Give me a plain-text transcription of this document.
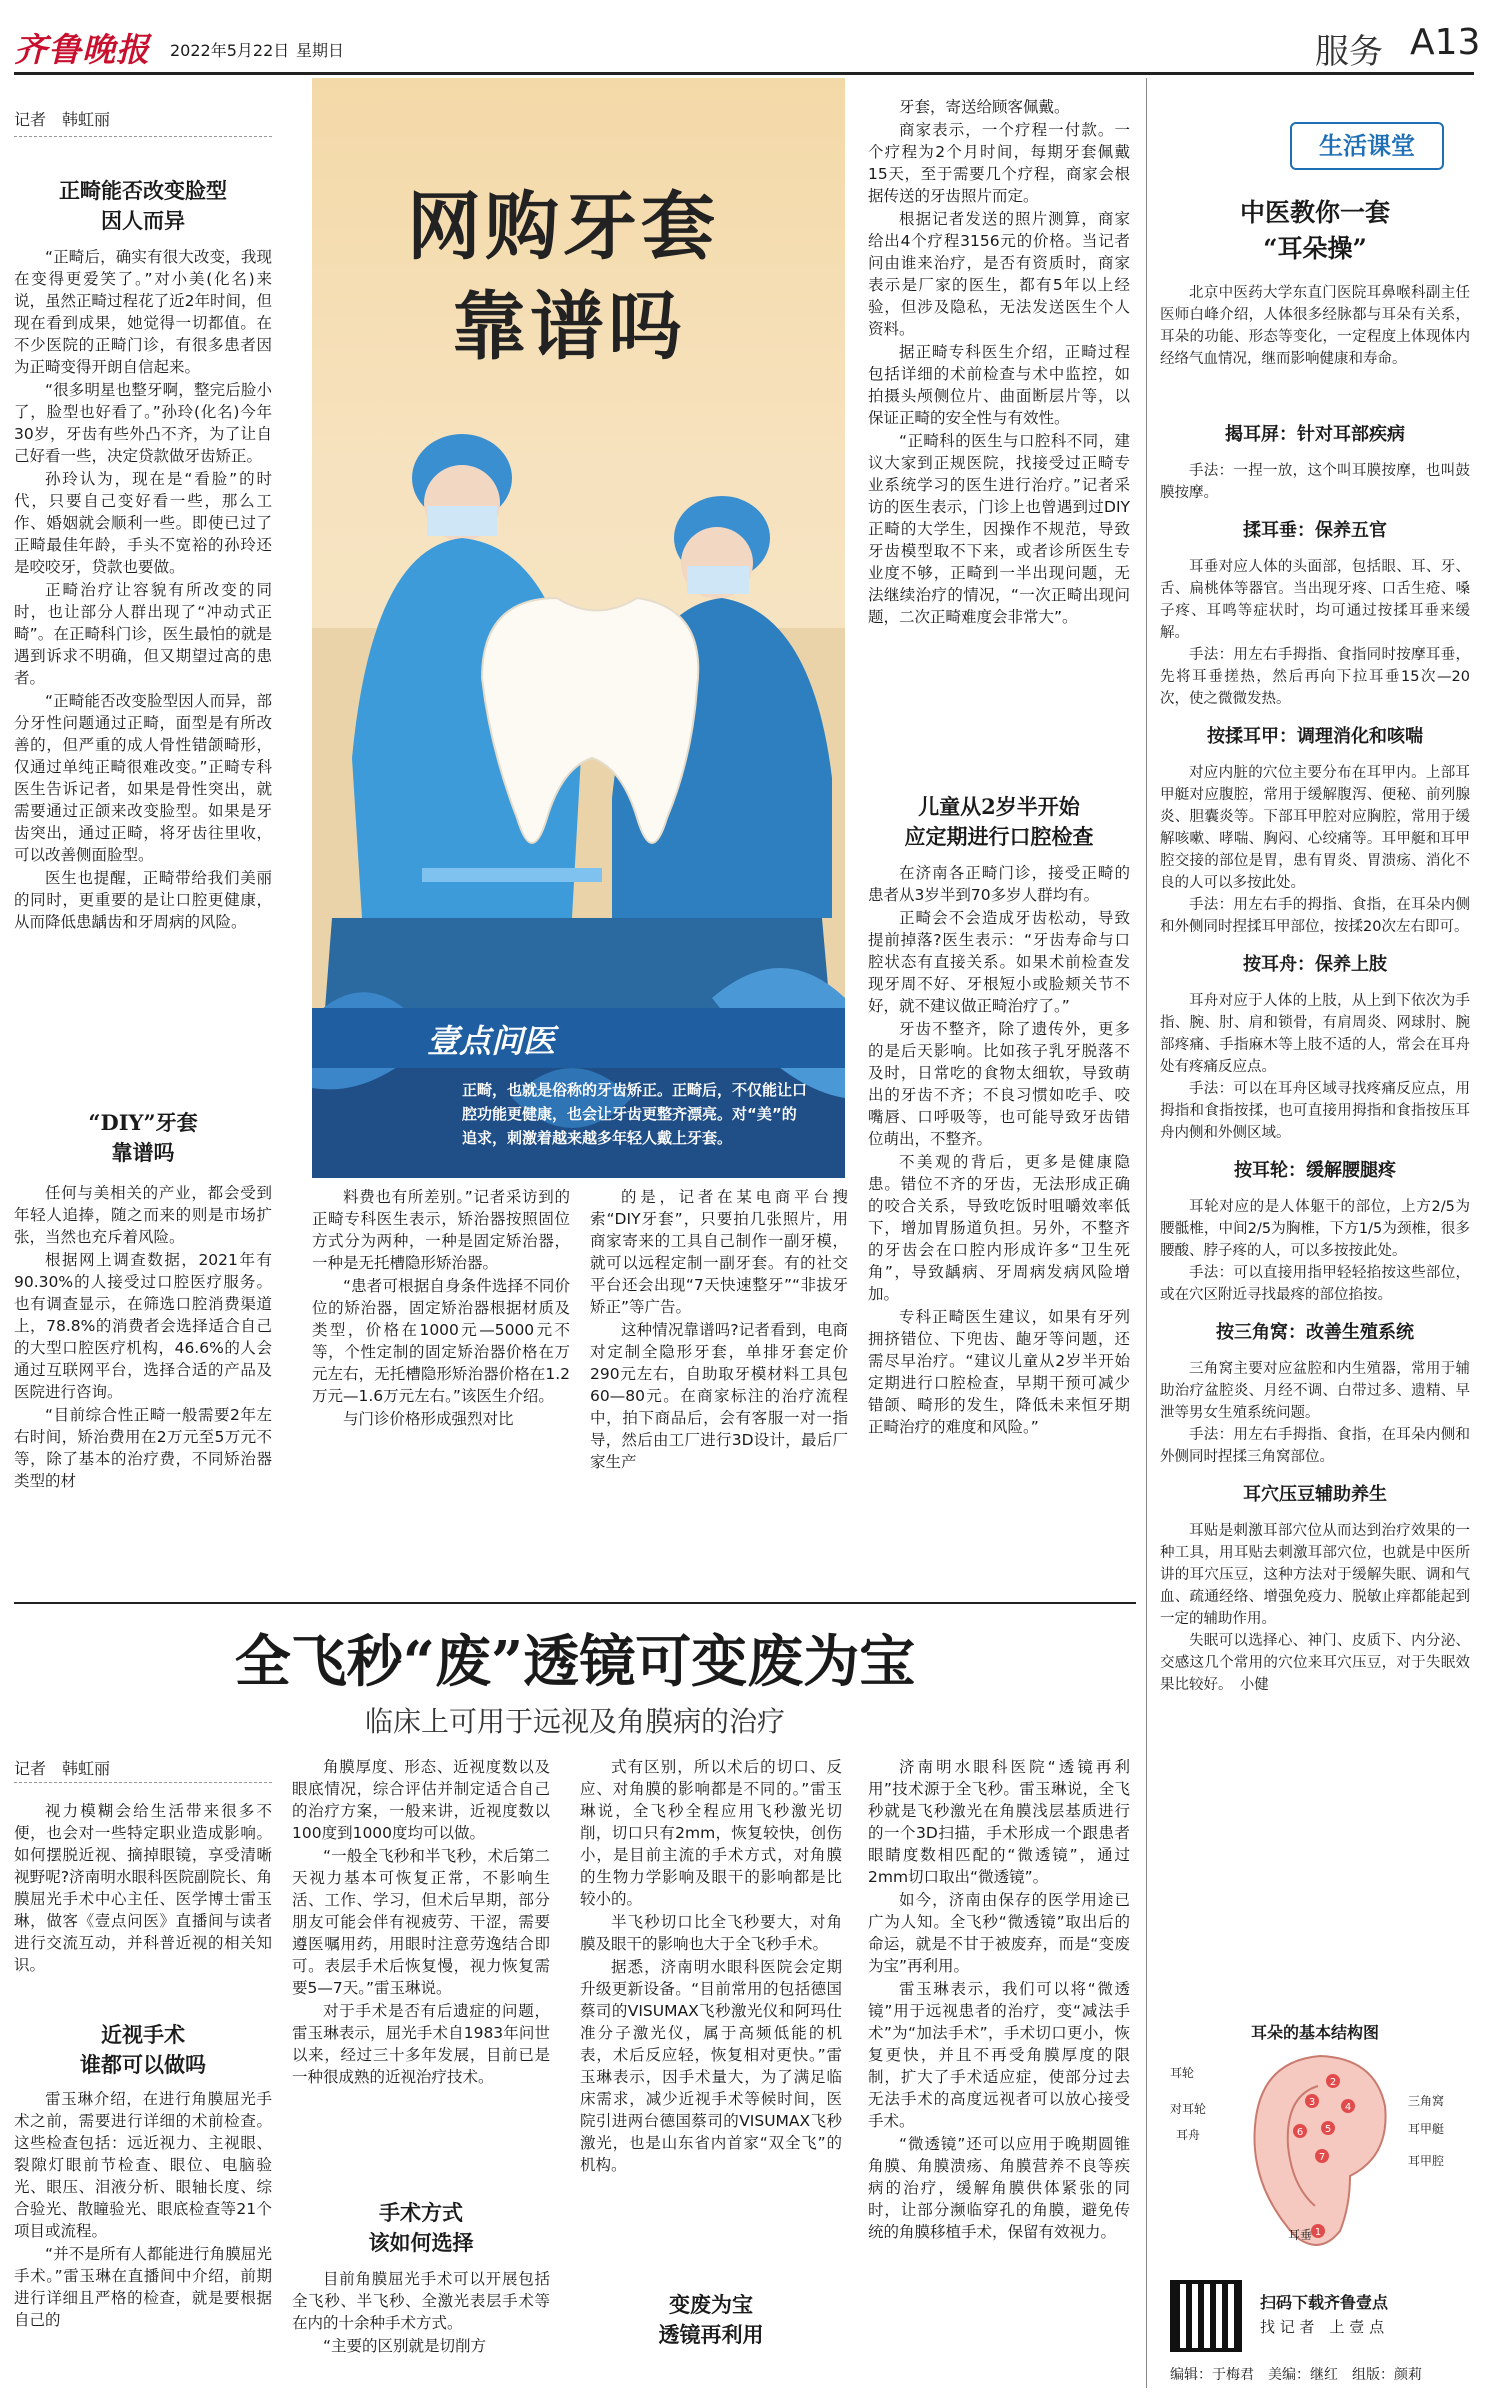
齐鲁晚报 2022年5月22日 星期日	服务 A13
记者　韩虹丽

正畸能否改变脸型

因人而异

“正畸后，确实有很大改变，我现在变得更爱笑了。”对小美(化名)来说，虽然正畸过程花了近2年时间，但现在看到成果，她觉得一切都值。在不少医院的正畸门诊，有很多患者因为正畸变得开朗自信起来。

“很多明星也整牙啊，整完后脸小了，脸型也好看了。”孙玲(化名)今年30岁，牙齿有些外凸不齐，为了让自己好看一些，决定贷款做牙齿矫正。

孙玲认为，现在是“看脸”的时代，只要自己变好看一些，那么工作、婚姻就会顺利一些。即使已过了正畸最佳年龄，手头不宽裕的孙玲还是咬咬牙，贷款也要做。

正畸治疗让容貌有所改变的同时，也让部分人群出现了“冲动式正畸”。在正畸科门诊，医生最怕的就是遇到诉求不明确，但又期望过高的患者。

“正畸能否改变脸型因人而异，部分牙性问题通过正畸，面型是有所改善的，但严重的成人骨性错颌畸形，仅通过单纯正畸很难改变。”正畸专科医生告诉记者，如果是骨性突出，就需要通过正颌来改变脸型。如果是牙齿突出，通过正畸，将牙齿往里收，可以改善侧面脸型。

医生也提醒，正畸带给我们美丽的同时，更重要的是让口腔更健康，从而降低患龋齿和牙周病的风险。

“DIY”牙套

靠谱吗

任何与美相关的产业，都会受到年轻人追捧，随之而来的则是市场扩张，当然也充斥着风险。

根据网上调查数据，2021年有90.30%的人接受过口腔医疗服务。也有调查显示，在筛选口腔消费渠道上，78.8%的消费者会选择适合自己的大型口腔医疗机构，46.6%的人会通过互联网平台，选择合适的产品及医院进行咨询。

“目前综合性正畸一般需要2年左右时间，矫治费用在2万元至5万元不等，除了基本的治疗费，不同矫治器类型的材

网购牙套
靠谱吗
壹点问医
正畸，也就是俗称的牙齿矫正。正畸后，不仅能让口腔功能更健康，也会让牙齿更整齐漂亮。对“美”的追求，刺激着越来越多年轻人戴上牙套。

料费也有所差别。”记者采访到的正畸专科医生表示，矫治器按照固位方式分为两种，一种是固定矫治器，一种是无托槽隐形矫治器。

“患者可根据自身条件选择不同价位的矫治器，固定矫治器根据材质及类型，价格在1000元—5000元不等，个性定制的固定矫治器价格在万元左右，无托槽隐形矫治器价格在1.2万元—1.6万元左右。”该医生介绍。

与门诊价格形成强烈对比

的是，记者在某电商平台搜索“DIY牙套”，只要拍几张照片，用商家寄来的工具自己制作一副牙模，就可以远程定制一副牙套。有的社交平台还会出现“7天快速整牙”“非拔牙矫正”等广告。

这种情况靠谱吗?记者看到，电商对定制全隐形牙套，单排牙套定价290元左右，自助取牙模材料工具包60—80元。在商家标注的治疗流程中，拍下商品后，会有客服一对一指导，然后由工厂进行3D设计，最后厂家生产

牙套，寄送给顾客佩戴。

商家表示，一个疗程一付款。一个疗程为2个月时间，每期牙套佩戴15天，至于需要几个疗程，商家会根据传送的牙齿照片而定。

根据记者发送的照片测算，商家给出4个疗程3156元的价格。当记者问由谁来治疗，是否有资质时，商家表示是厂家的医生，都有5年以上经验，但涉及隐私，无法发送医生个人资料。

据正畸专科医生介绍，正畸过程包括详细的术前检查与术中监控，如拍摄头颅侧位片、曲面断层片等，以保证正畸的安全性与有效性。

“正畸科的医生与口腔科不同，建议大家到正规医院，找接受过正畸专业系统学习的医生进行治疗。”记者采访的医生表示，门诊上也曾遇到过DIY正畸的大学生，因操作不规范，导致牙齿模型取不下来，或者诊所医生专业度不够，正畸到一半出现问题，无法继续治疗的情况，“一次正畸出现问题，二次正畸难度会非常大”。

儿童从2岁半开始

应定期进行口腔检查

在济南各正畸门诊，接受正畸的患者从3岁半到70多岁人群均有。

正畸会不会造成牙齿松动，导致提前掉落?医生表示：“牙齿寿命与口腔状态有直接关系。如果术前检查发现牙周不好、牙根短小或脸颊关节不好，就不建议做正畸治疗了。”

牙齿不整齐，除了遗传外，更多的是后天影响。比如孩子乳牙脱落不及时，日常吃的食物太细软，导致萌出的牙齿不齐；不良习惯如吃手、咬嘴唇、口呼吸等，也可能导致牙齿错位萌出，不整齐。

不美观的背后，更多是健康隐患。错位不齐的牙齿，无法形成正确的咬合关系，导致吃饭时咀嚼效率低下，增加胃肠道负担。另外，不整齐的牙齿会在口腔内形成许多“卫生死角”，导致龋病、牙周病发病风险增加。

专科正畸医生建议，如果有牙列拥挤错位、下兜齿、龅牙等问题，还需尽早治疗。“建议儿童从2岁半开始定期进行口腔检查，早期干预可减少错颌、畸形的发生，降低未来恒牙期正畸治疗的难度和风险。”

全飞秒“废”透镜可变废为宝
临床上可用于远视及角膜病的治疗
记者　韩虹丽

视力模糊会给生活带来很多不便，也会对一些特定职业造成影响。如何摆脱近视、摘掉眼镜，享受清晰视野呢?济南明水眼科医院副院长、角膜屈光手术中心主任、医学博士雷玉琳，做客《壹点问医》直播间与读者进行交流互动，并科普近视的相关知识。

近视手术

谁都可以做吗

雷玉琳介绍，在进行角膜屈光手术之前，需要进行详细的术前检查。这些检查包括：远近视力、主视眼、裂隙灯眼前节检查、眼位、电脑验光、眼压、泪液分析、眼轴长度、综合验光、散瞳验光、眼底检查等21个项目或流程。

“并不是所有人都能进行角膜屈光手术。”雷玉琳在直播间中介绍，前期进行详细且严格的检查，就是要根据自己的

角膜厚度、形态、近视度数以及眼底情况，综合评估并制定适合自己的治疗方案，一般来讲，近视度数以100度到1000度均可以做。

“一般全飞秒和半飞秒，术后第二天视力基本可恢复正常，不影响生活、工作、学习，但术后早期，部分朋友可能会伴有视疲劳、干涩，需要遵医嘱用药，用眼时注意劳逸结合即可。表层手术后恢复慢，视力恢复需要5—7天。”雷玉琳说。

对于手术是否有后遗症的问题，雷玉琳表示，屈光手术自1983年问世以来，经过三十多年发展，目前已是一种很成熟的近视治疗技术。

手术方式

该如何选择

目前角膜屈光手术可以开展包括全飞秒、半飞秒、全激光表层手术等在内的十余种手术方式。

“主要的区别就是切削方

式有区别，所以术后的切口、反应、对角膜的影响都是不同的。”雷玉琳说，全飞秒全程应用飞秒激光切削，切口只有2mm，恢复较快，创伤小，是目前主流的手术方式，对角膜的生物力学影响及眼干的影响都是比较小的。

半飞秒切口比全飞秒要大，对角膜及眼干的影响也大于全飞秒手术。

据悉，济南明水眼科医院会定期升级更新设备。“目前常用的包括德国蔡司的VISUMAX飞秒激光仪和阿玛仕准分子激光仪，属于高频低能的机表，术后反应轻，恢复相对更快。”雷玉琳表示，因手术量大，为了满足临床需求，减少近视手术等候时间，医院引进两台德国蔡司的VISUMAX飞秒激光，也是山东省内首家“双全飞”的机构。

变废为宝

透镜再利用

济南明水眼科医院“透镜再利用”技术源于全飞秒。雷玉琳说，全飞秒就是飞秒激光在角膜浅层基质进行的一个3D扫描，手术形成一个跟患者眼睛度数相匹配的“微透镜”，通过2mm切口取出“微透镜”。

如今，济南由保存的医学用途已广为人知。全飞秒“微透镜”取出后的命运，就是不甘于被废弃，而是“变废为宝”再利用。

雷玉琳表示，我们可以将“微透镜”用于远视患者的治疗，变“减法手术”为“加法手术”，手术切口更小，恢复更快，并且不再受角膜厚度的限制，扩大了手术适应症，使部分过去无法手术的高度远视者可以放心接受手术。

“微透镜”还可以应用于晚期圆锥角膜、角膜溃疡、角膜营养不良等疾病的治疗，缓解角膜供体紧张的同时，让部分濒临穿孔的角膜，避免传统的角膜移植手术，保留有效视力。

生活课堂

中医教你一套

“耳朵操”

北京中医药大学东直门医院耳鼻喉科副主任医师白峰介绍，人体很多经脉都与耳朵有关系，耳朵的功能、形态等变化，一定程度上体现体内经络气血情况，继而影响健康和寿命。

揭耳屏：针对耳部疾病

手法：一捏一放，这个叫耳膜按摩，也叫鼓膜按摩。

揉耳垂：保养五官

耳垂对应人体的头面部，包括眼、耳、牙、舌、扁桃体等器官。当出现牙疼、口舌生疮、嗓子疼、耳鸣等症状时，均可通过按揉耳垂来缓解。

手法：用左右手拇指、食指同时按摩耳垂，先将耳垂搓热，然后再向下拉耳垂15次—20次，使之微微发热。

按揉耳甲：调理消化和咳喘

对应内脏的穴位主要分布在耳甲内。上部耳甲艇对应腹腔，常用于缓解腹泻、便秘、前列腺炎、胆囊炎等。下部耳甲腔对应胸腔，常用于缓解咳嗽、哮喘、胸闷、心绞痛等。耳甲艇和耳甲腔交接的部位是胃，患有胃炎、胃溃疡、消化不良的人可以多按此处。

手法：用左右手的拇指、食指，在耳朵内侧和外侧同时捏揉耳甲部位，按揉20次左右即可。

按耳舟：保养上肢

耳舟对应于人体的上肢，从上到下依次为手指、腕、肘、肩和锁骨，有肩周炎、网球肘、腕部疼痛、手指麻木等上肢不适的人，常会在耳舟处有疼痛反应点。

手法：可以在耳舟区域寻找疼痛反应点，用拇指和食指按揉，也可直接用拇指和食指按压耳舟内侧和外侧区域。

按耳轮：缓解腰腿疼

耳轮对应的是人体躯干的部位，上方2/5为腰骶椎，中间2/5为胸椎，下方1/5为颈椎，很多腰酸、脖子疼的人，可以多按按此处。

手法：可以直接用指甲轻轻掐按这些部位，或在穴区附近寻找最疼的部位掐按。

按三角窝：改善生殖系统

三角窝主要对应盆腔和内生殖器，常用于辅助治疗盆腔炎、月经不调、白带过多、遗精、早泄等男女生殖系统问题。

手法：用左右手拇指、食指，在耳朵内侧和外侧同时捏揉三角窝部位。

耳穴压豆辅助养生

耳贴是刺激耳部穴位从而达到治疗效果的一种工具，用耳贴去刺激耳部穴位，也就是中医所讲的耳穴压豆，这种方法对于缓解失眠、调和气血、疏通经络、增强免疫力、脱敏止痒都能起到一定的辅助作用。

失眠可以选择心、神门、皮质下、内分泌、交感这几个常用的穴位来耳穴压豆，对于失眠效果比较好。　小健

耳朵的基本结构图
2
3	4
5
6
7
1
耳垂
耳轮
耳舟
三角窝
耳甲艇
耳甲腔
对耳轮
扫码下载齐鲁壹点
找 记 者　上 壹 点
编辑：于梅君　美编：继红　组版：颜莉
